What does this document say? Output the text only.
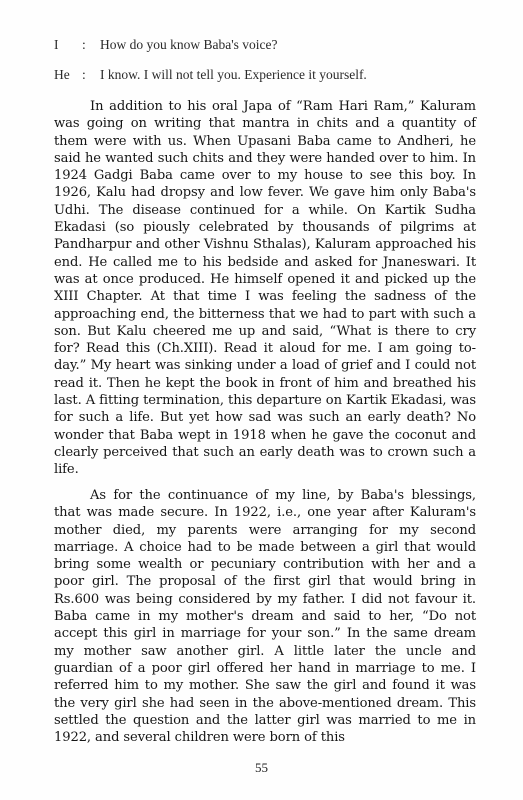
I : How do you know Baba's voice?
He : I know. I will not tell you. Experience it yourself.

In addition to his oral Japa of “Ram Hari Ram,” Kaluram was going on writing that mantra in chits and a quantity of them were with us. When Upasani Baba came to Andheri, he said he wanted such chits and they were handed over to him. In 1924 Gadgi Baba came over to my house to see this boy. In 1926, Kalu had dropsy and low fever. We gave him only Baba's Udhi. The disease continued for a while. On Kartik Sudha Ekadasi (so piously celebrated by thousands of pilgrims at Pandharpur and other Vishnu Sthalas), Kaluram approached his end. He called me to his bedside and asked for Jnaneswari. It was at once produced. He himself opened it and picked up the XIII Chapter. At that time I was feeling the sadness of the approaching end, the bitterness that we had to part with such a son. But Kalu cheered me up and said, “What is there to cry for? Read this (Ch.XIII). Read it aloud for me. I am going to-day.” My heart was sinking under a load of grief and I could not read it. Then he kept the book in front of him and breathed his last. A fitting termination, this departure on Kartik Ekadasi, was for such a life. But yet how sad was such an early death? No wonder that Baba wept in 1918 when he gave the coconut and clearly perceived that such an early death was to crown such a life.

As for the continuance of my line, by Baba's blessings, that was made secure. In 1922, i.e., one year after Kaluram's mother died, my parents were arranging for my second marriage. A choice had to be made between a girl that would bring some wealth or pecuniary contribution with her and a poor girl. The proposal of the first girl that would bring in Rs.600 was being considered by my father. I did not favour it. Baba came in my mother's dream and said to her, “Do not accept this girl in marriage for your son.” In the same dream my mother saw another girl. A little later the uncle and guardian of a poor girl offered her hand in marriage to me. I referred him to my mother. She saw the girl and found it was the very girl she had seen in the above-mentioned dream. This settled the question and the latter girl was married to me in 1922, and several children were born of this

55
